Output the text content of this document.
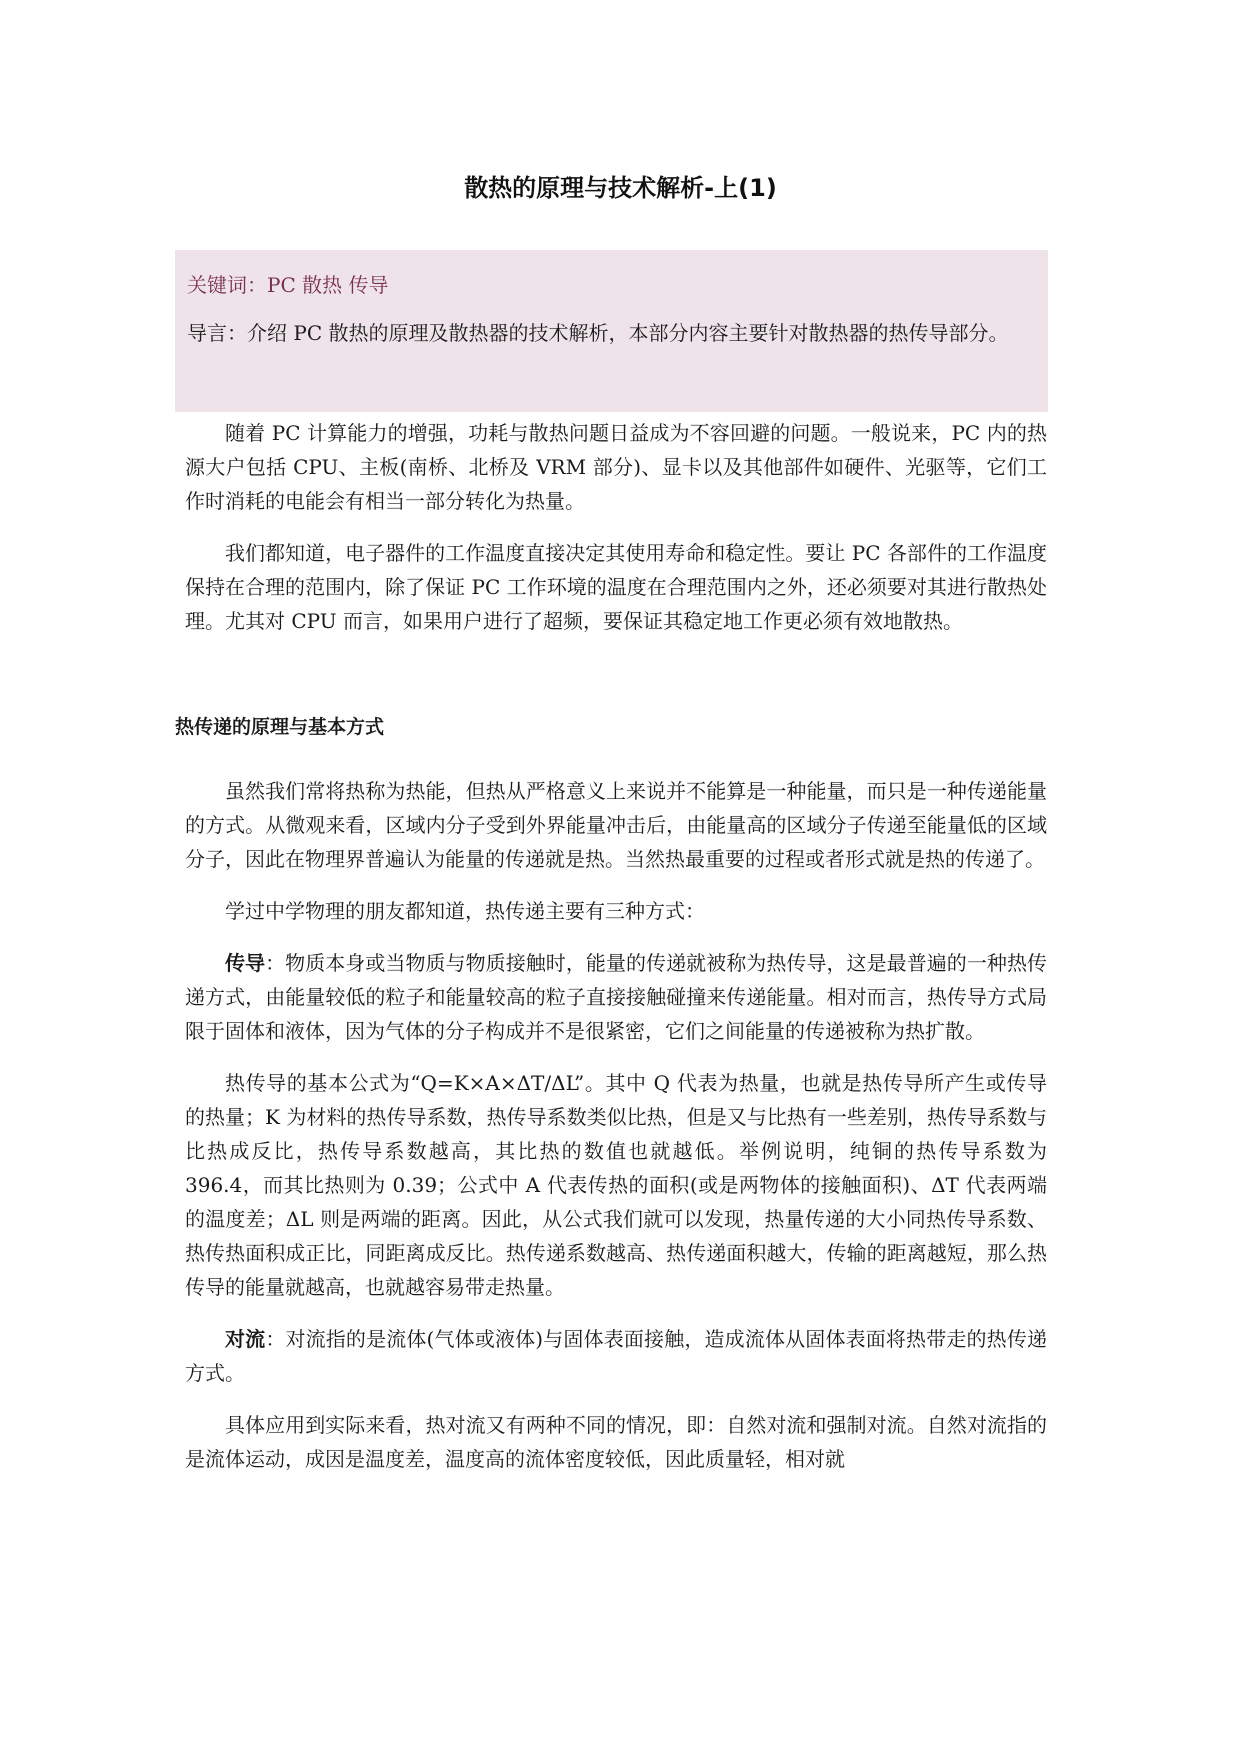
散热的原理与技术解析-上(1)

关键词：PC 散热 传导

导言：介绍 PC 散热的原理及散热器的技术解析，本部分内容主要针对散热器的热传导部分。

随着 PC 计算能力的增强，功耗与散热问题日益成为不容回避的问题。一般说来，PC 内的热源大户包括 CPU、主板(南桥、北桥及 VRM 部分)、显卡以及其他部件如硬件、光驱等，它们工作时消耗的电能会有相当一部分转化为热量。

我们都知道，电子器件的工作温度直接决定其使用寿命和稳定性。要让 PC 各部件的工作温度保持在合理的范围内，除了保证 PC 工作环境的温度在合理范围内之外，还必须要对其进行散热处理。尤其对 CPU 而言，如果用户进行了超频，要保证其稳定地工作更必须有效地散热。

热传递的原理与基本方式

虽然我们常将热称为热能，但热从严格意义上来说并不能算是一种能量，而只是一种传递能量的方式。从微观来看，区域内分子受到外界能量冲击后，由能量高的区域分子传递至能量低的区域分子，因此在物理界普遍认为能量的传递就是热。当然热最重要的过程或者形式就是热的传递了。

学过中学物理的朋友都知道，热传递主要有三种方式：

传导：物质本身或当物质与物质接触时，能量的传递就被称为热传导，这是最普遍的一种热传递方式，由能量较低的粒子和能量较高的粒子直接接触碰撞来传递能量。相对而言，热传导方式局限于固体和液体，因为气体的分子构成并不是很紧密，它们之间能量的传递被称为热扩散。

热传导的基本公式为“Q=K×A×ΔT/ΔL”。其中 Q 代表为热量，也就是热传导所产生或传导的热量；K 为材料的热传导系数，热传导系数类似比热，但是又与比热有一些差别，热传导系数与比热成反比，热传导系数越高，其比热的数值也就越低。举例说明，纯铜的热传导系数为 396.4，而其比热则为 0.39；公式中 A 代表传热的面积(或是两物体的接触面积)、ΔT 代表两端的温度差；ΔL 则是两端的距离。因此，从公式我们就可以发现，热量传递的大小同热传导系数、热传热面积成正比，同距离成反比。热传递系数越高、热传递面积越大，传输的距离越短，那么热传导的能量就越高，也就越容易带走热量。

对流：对流指的是流体(气体或液体)与固体表面接触，造成流体从固体表面将热带走的热传递方式。

具体应用到实际来看，热对流又有两种不同的情况，即：自然对流和强制对流。自然对流指的是流体运动，成因是温度差，温度高的流体密度较低，因此质量轻，相对就
